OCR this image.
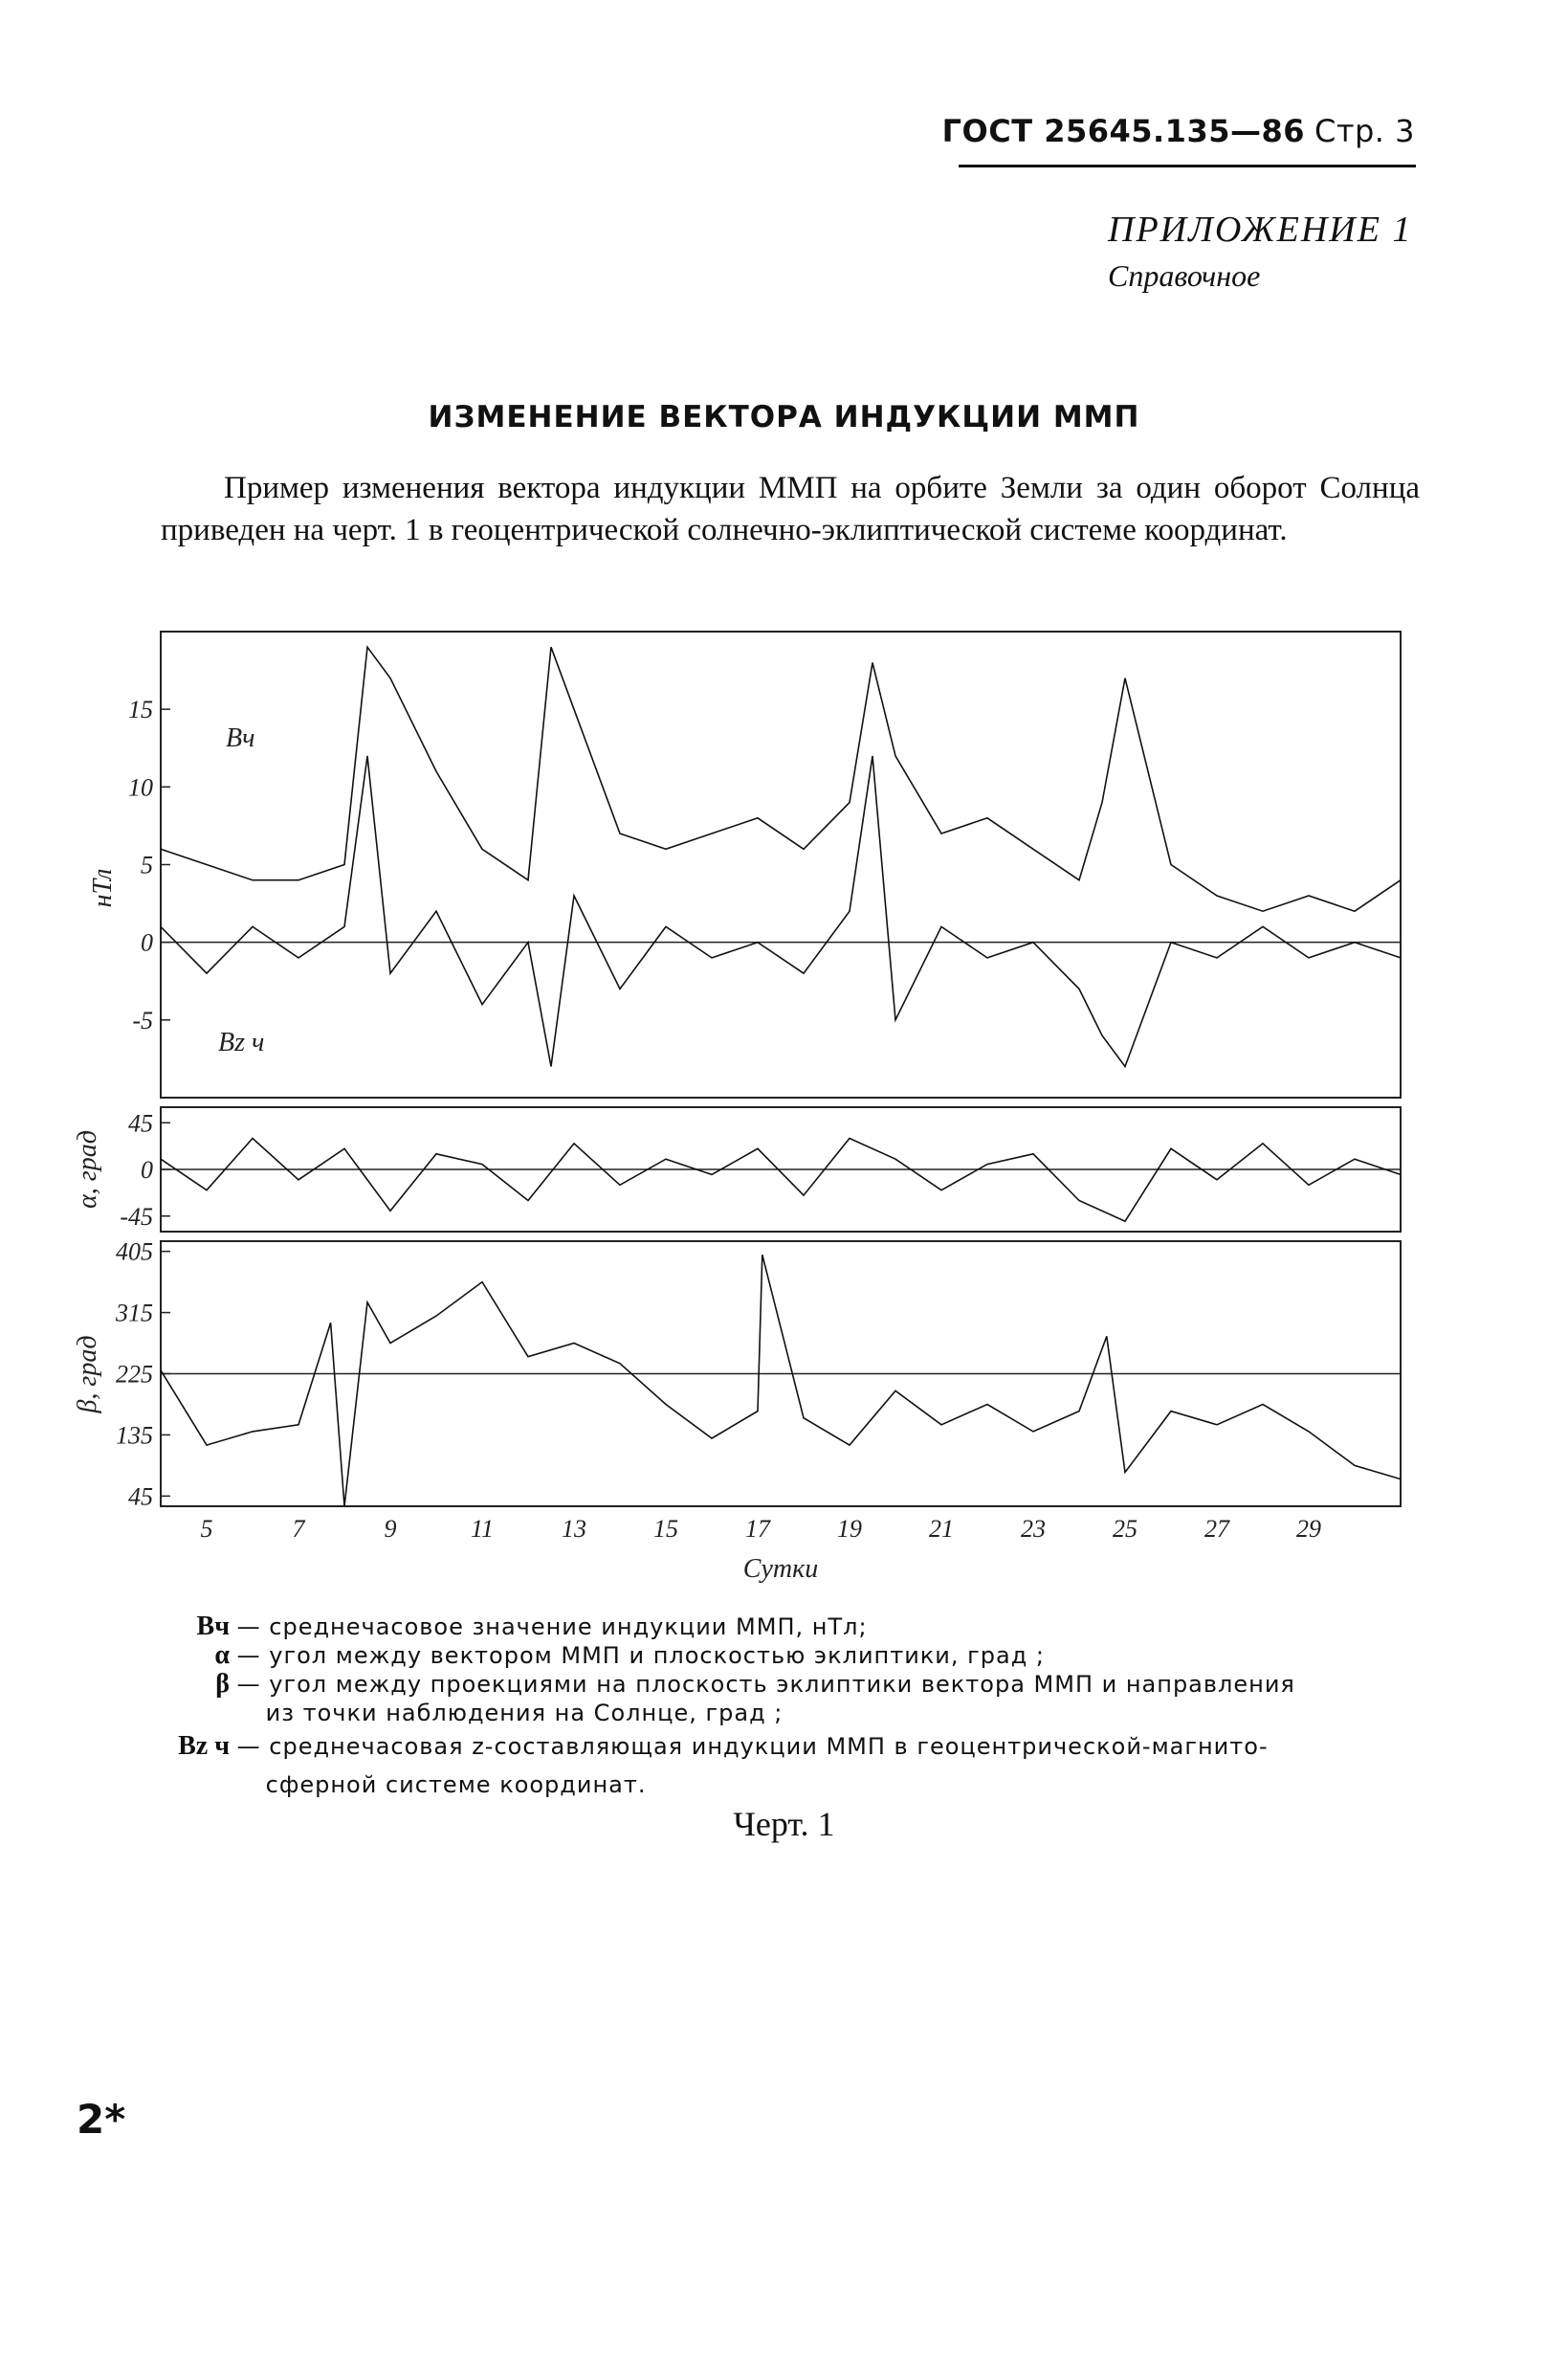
ГОСТ 25645.135—86 Стр. 3
ПРИЛОЖЕНИЕ 1
Справочное
ИЗМЕНЕНИЕ ВЕКТОРА ИНДУКЦИИ ММП
Пример изменения вектора индукции ММП на орбите Земли за один оборот Солнца приведен на черт. 1 в геоцентрической солнечно-эклиптической системе координат.
15
10
5
0
-5
Bч
Bz ч
нТл
45
0
-45
α, град
405
315
225
135
45
β, град
5	7	9	11	13	15	17	19	21	23	25	27	29
Сутки
Bч — среднечасовое значение индукции ММП, нТл;
α — угол между вектором ММП и плоскостью эклиптики, град ;
β — угол между проекциями на плоскость эклиптики вектора ММП и направления
из точки наблюдения на Солнце, град ;
Bz ч — среднечасовая z-составляющая индукции ММП в геоцентрической-магнито-
сферной системе координат.
Черт. 1
2*
